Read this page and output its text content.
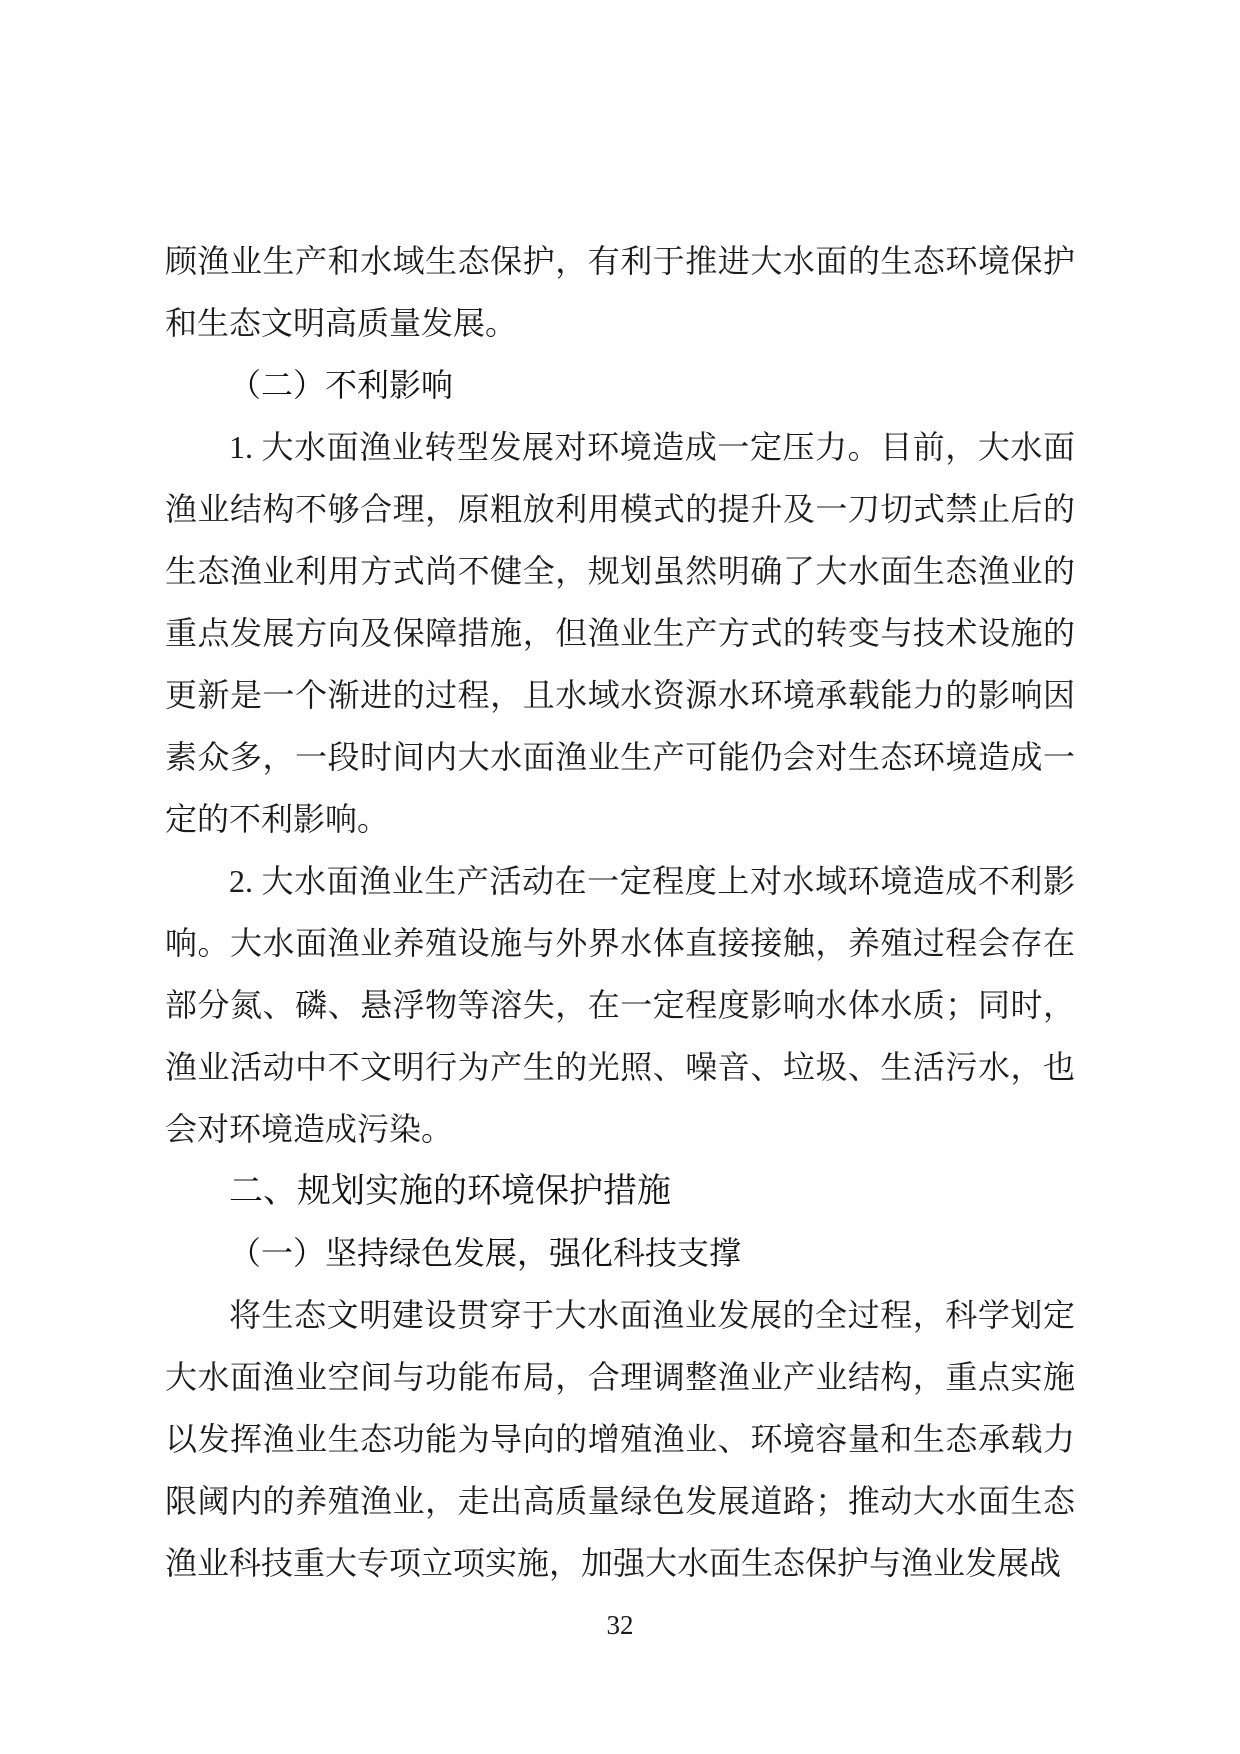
顾渔业生产和水域生态保护，有利于推进大水面的生态环境保护和生态文明高质量发展。

（二）不利影响

1. 大水面渔业转型发展对环境造成一定压力。目前，大水面渔业结构不够合理，原粗放利用模式的提升及一刀切式禁止后的生态渔业利用方式尚不健全，规划虽然明确了大水面生态渔业的重点发展方向及保障措施，但渔业生产方式的转变与技术设施的更新是一个渐进的过程，且水域水资源水环境承载能力的影响因素众多，一段时间内大水面渔业生产可能仍会对生态环境造成一定的不利影响。

2. 大水面渔业生产活动在一定程度上对水域环境造成不利影响。大水面渔业养殖设施与外界水体直接接触，养殖过程会存在部分氮、磷、悬浮物等溶失，在一定程度影响水体水质；同时，渔业活动中不文明行为产生的光照、噪音、垃圾、生活污水，也会对环境造成污染。

二、规划实施的环境保护措施
（一）坚持绿色发展，强化科技支撑

将生态文明建设贯穿于大水面渔业发展的全过程，科学划定大水面渔业空间与功能布局，合理调整渔业产业结构，重点实施以发挥渔业生态功能为导向的增殖渔业、环境容量和生态承载力限阈内的养殖渔业，走出高质量绿色发展道路；推动大水面生态渔业科技重大专项立项实施，加强大水面生态保护与渔业发展战

32
